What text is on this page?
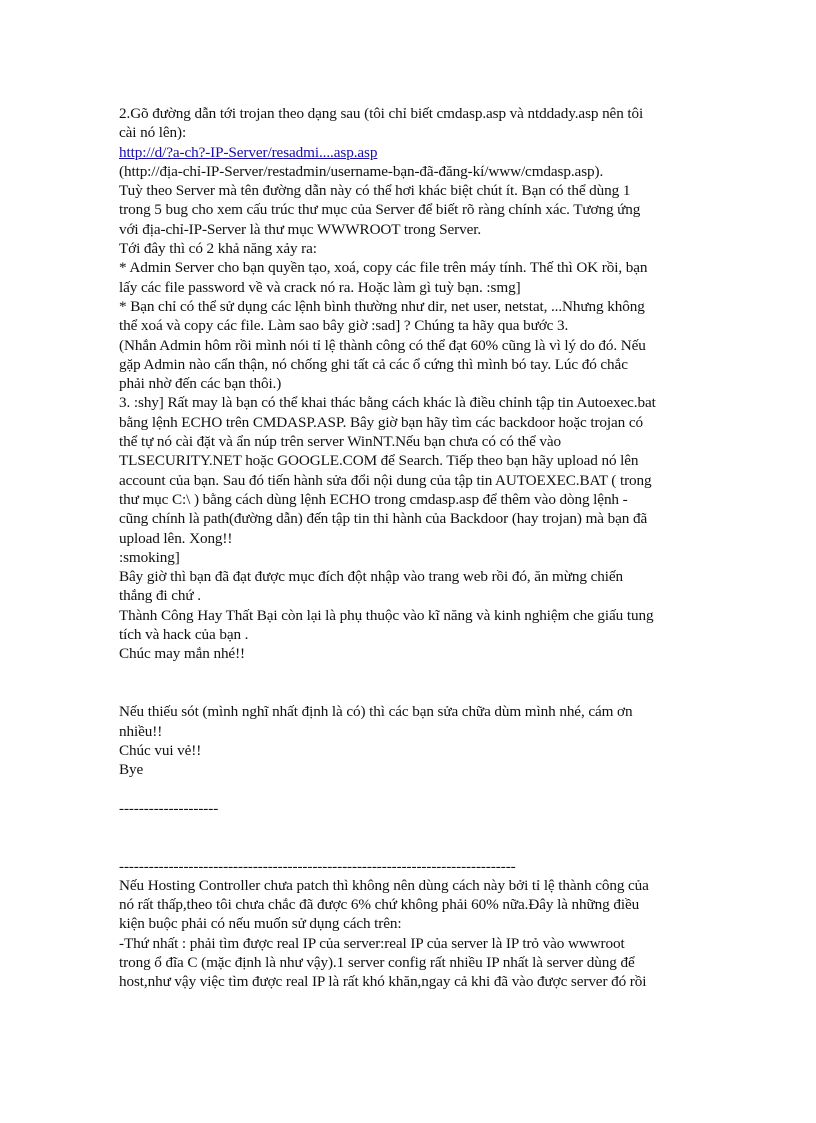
2.Gõ đường dẫn tới trojan theo dạng sau (tôi chỉ biết cmdasp.asp và ntddady.asp nên tôi
cài nó lên):
http://d/?a-ch?-IP-Server/resadmi....asp.asp
(http://địa-chỉ-IP-Server/restadmin/username-bạn-đã-đăng-kí/www/cmdasp.asp).
Tuỳ theo Server mà tên đường dẫn này có thể hơi khác biệt chút ít. Bạn có thể dùng 1
trong 5 bug cho xem cấu trúc thư mục của Server để biết rõ ràng chính xác. Tương ứng
với địa-chỉ-IP-Server là thư mục WWWROOT trong Server.
Tới đây thì có 2 khả năng xảy ra:
* Admin Server cho bạn quyền tạo, xoá, copy các file trên máy tính. Thế thì OK rồi, bạn
lấy các file password về và crack nó ra. Hoặc làm gì tuỳ bạn. :smg]
* Bạn chỉ có thể sử dụng các lệnh bình thường như dir, net user, netstat, ...Nhưng không
thể xoá và copy các file. Làm sao bây giờ :sad] ? Chúng ta hãy qua bước 3.
(Nhắn Admin hôm rồi mình nói tỉ lệ thành công có thể đạt 60% cũng là vì lý do đó. Nếu
gặp Admin nào cẩn thận, nó chống ghi tất cả các ổ cứng thì mình bó tay. Lúc đó chắc
phải nhờ đến các bạn thôi.)
3. :shy] Rất may là bạn có thể khai thác bằng cách khác là điều chỉnh tập tin Autoexec.bat
bằng lệnh ECHO trên CMDASP.ASP. Bây giờ bạn hãy tìm các backdoor hoặc trojan có
thể tự nó cài đặt và ẩn núp trên server WinNT.Nếu bạn chưa có có thể vào
TLSECURITY.NET hoặc GOOGLE.COM để Search. Tiếp theo bạn hãy upload nó lên
account của bạn. Sau đó tiến hành sửa đổi nội dung của tập tin AUTOEXEC.BAT ( trong
thư mục C:\ ) bằng cách dùng lệnh ECHO trong cmdasp.asp để thêm vào dòng lệnh -
cũng chính là path(đường dẫn) đến tập tin thi hành của Backdoor (hay trojan) mà bạn đã
upload lên. Xong!!
:smoking]
Bây giờ thì bạn đã đạt được mục đích đột nhập vào trang web rồi đó, ăn mừng chiến
thắng đi chứ .
Thành Công Hay Thất Bại còn lại là phụ thuộc vào kĩ năng và kinh nghiệm che giấu tung
tích và hack của bạn .
Chúc may mắn nhé!!
Nếu thiếu sót (mình nghĩ nhất định là có) thì các bạn sửa chữa dùm mình nhé, cám ơn
nhiều!!
Chúc vui vẻ!!
Bye
--------------------
--------------------------------------------------------------------------------
Nếu Hosting Controller chưa patch thì không nên dùng cách này bởi tỉ lệ thành công của
nó rất thấp,theo tôi chưa chắc đã được 6% chứ không phải 60% nữa.Đây là những điều
kiện buộc phải có nếu muốn sử dụng cách trên:
-Thứ nhất : phải tìm được real IP của server:real IP của server là IP trỏ vào wwwroot
trong ổ đĩa C (mặc định là như vậy).1 server config rất nhiều IP nhất là server dùng để
host,như vậy việc tìm được real IP là rất khó khăn,ngay cả khi đã vào được server đó rồi
